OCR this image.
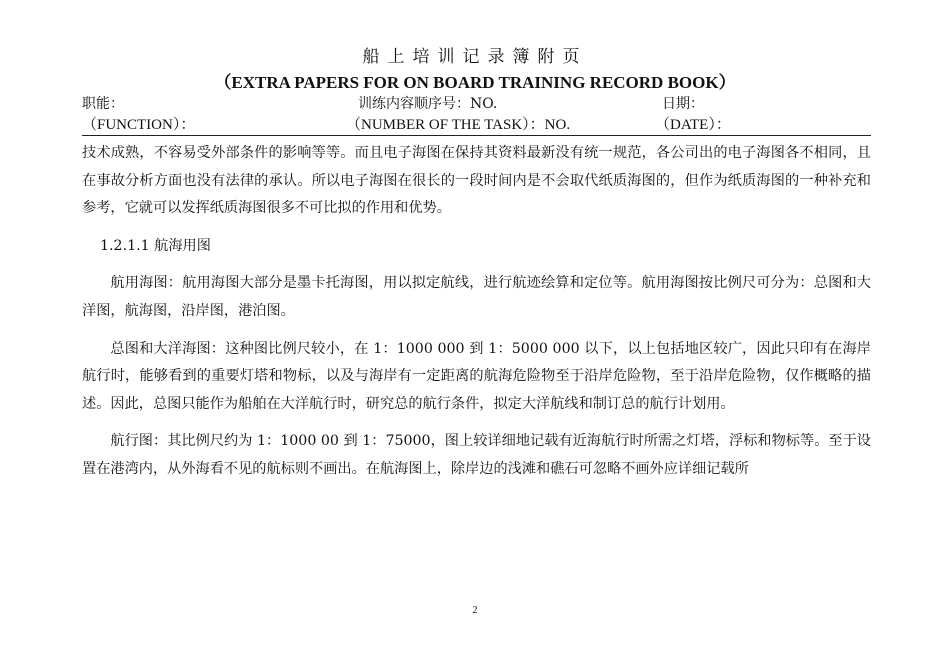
船上培训记录簿附页
（EXTRA PAPERS FOR ON BOARD TRAINING RECORD BOOK）
职能：	训练内容顺序号：NO.	日期：
（FUNCTION）：	（NUMBER OF THE TASK）：NO.	（DATE）：

技术成熟，不容易受外部条件的影响等等。而且电子海图在保持其资料最新没有统一规范，各公司出的电子海图各不相同，且在事故分析方面也没有法律的承认。所以电子海图在很长的一段时间内是不会取代纸质海图的，但作为纸质海图的一种补充和参考，它就可以发挥纸质海图很多不可比拟的作用和优势。

1.2.1.1 航海用图

航用海图：航用海图大部分是墨卡托海图，用以拟定航线，进行航迹绘算和定位等。航用海图按比例尺可分为：总图和大洋图，航海图，沿岸图，港泊图。

总图和大洋海图：这种图比例尺较小，在 1：1000 000 到 1：5000 000 以下，以上包括地区较广，因此只印有在海岸航行时，能够看到的重要灯塔和物标，以及与海岸有一定距离的航海危险物至于沿岸危险物，至于沿岸危险物，仅作概略的描述。因此，总图只能作为船舶在大洋航行时，研究总的航行条件，拟定大洋航线和制订总的航行计划用。

航行图：其比例尺约为 1：1000 00 到 1：75000，图上较详细地记载有近海航行时所需之灯塔，浮标和物标等。至于设置在港湾内，从外海看不见的航标则不画出。在航海图上，除岸边的浅滩和礁石可忽略不画外应详细记载所

2
